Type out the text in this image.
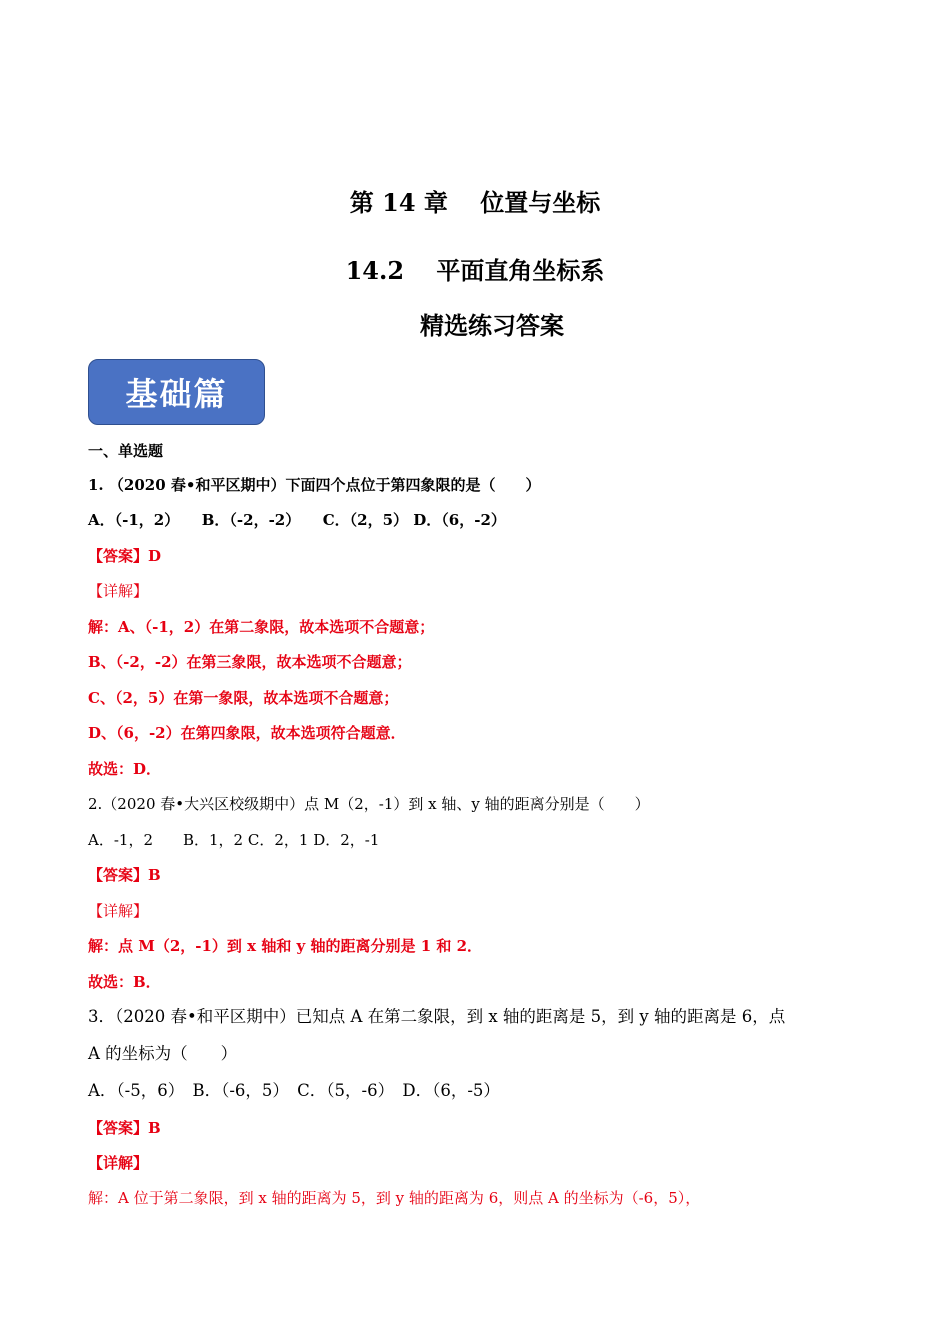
第 14 章　 位置与坐标
14.2　 平面直角坐标系
精选练习答案
基础篇
一、单选题
1. （2020 春•和平区期中）下面四个点位于第四象限的是（　　）
A．（-1，2）　　B．（-2，-2）　　C．（2，5） D．（6，-2）
【答案】D
【详解】
解：A、（-1，2）在第二象限，故本选项不合题意；
B、（-2，-2）在第三象限，故本选项不合题意；
C、（2，5）在第一象限，故本选项不合题意；
D、（6，-2）在第四象限，故本选项符合题意．
故选：D．
2.（2020 春•大兴区校级期中）点 M（2，-1）到 x 轴、y 轴的距离分别是（　　）
A．-1，2　　B．1，2 C．2，1 D．2，-1
【答案】B
【详解】
解：点 M（2，-1）到 x 轴和 y 轴的距离分别是 1 和 2．
故选：B．
3．（2020 春•和平区期中）已知点 A 在第二象限，到 x 轴的距离是 5，到 y 轴的距离是 6，点
A 的坐标为（　　）
A．（-5，6）　B．（-6，5）　C．（5，-6）　D．（6，-5）
【答案】B
【详解】
解：A 位于第二象限，到 x 轴的距离为 5，到 y 轴的距离为 6，则点 A 的坐标为（-6，5），
